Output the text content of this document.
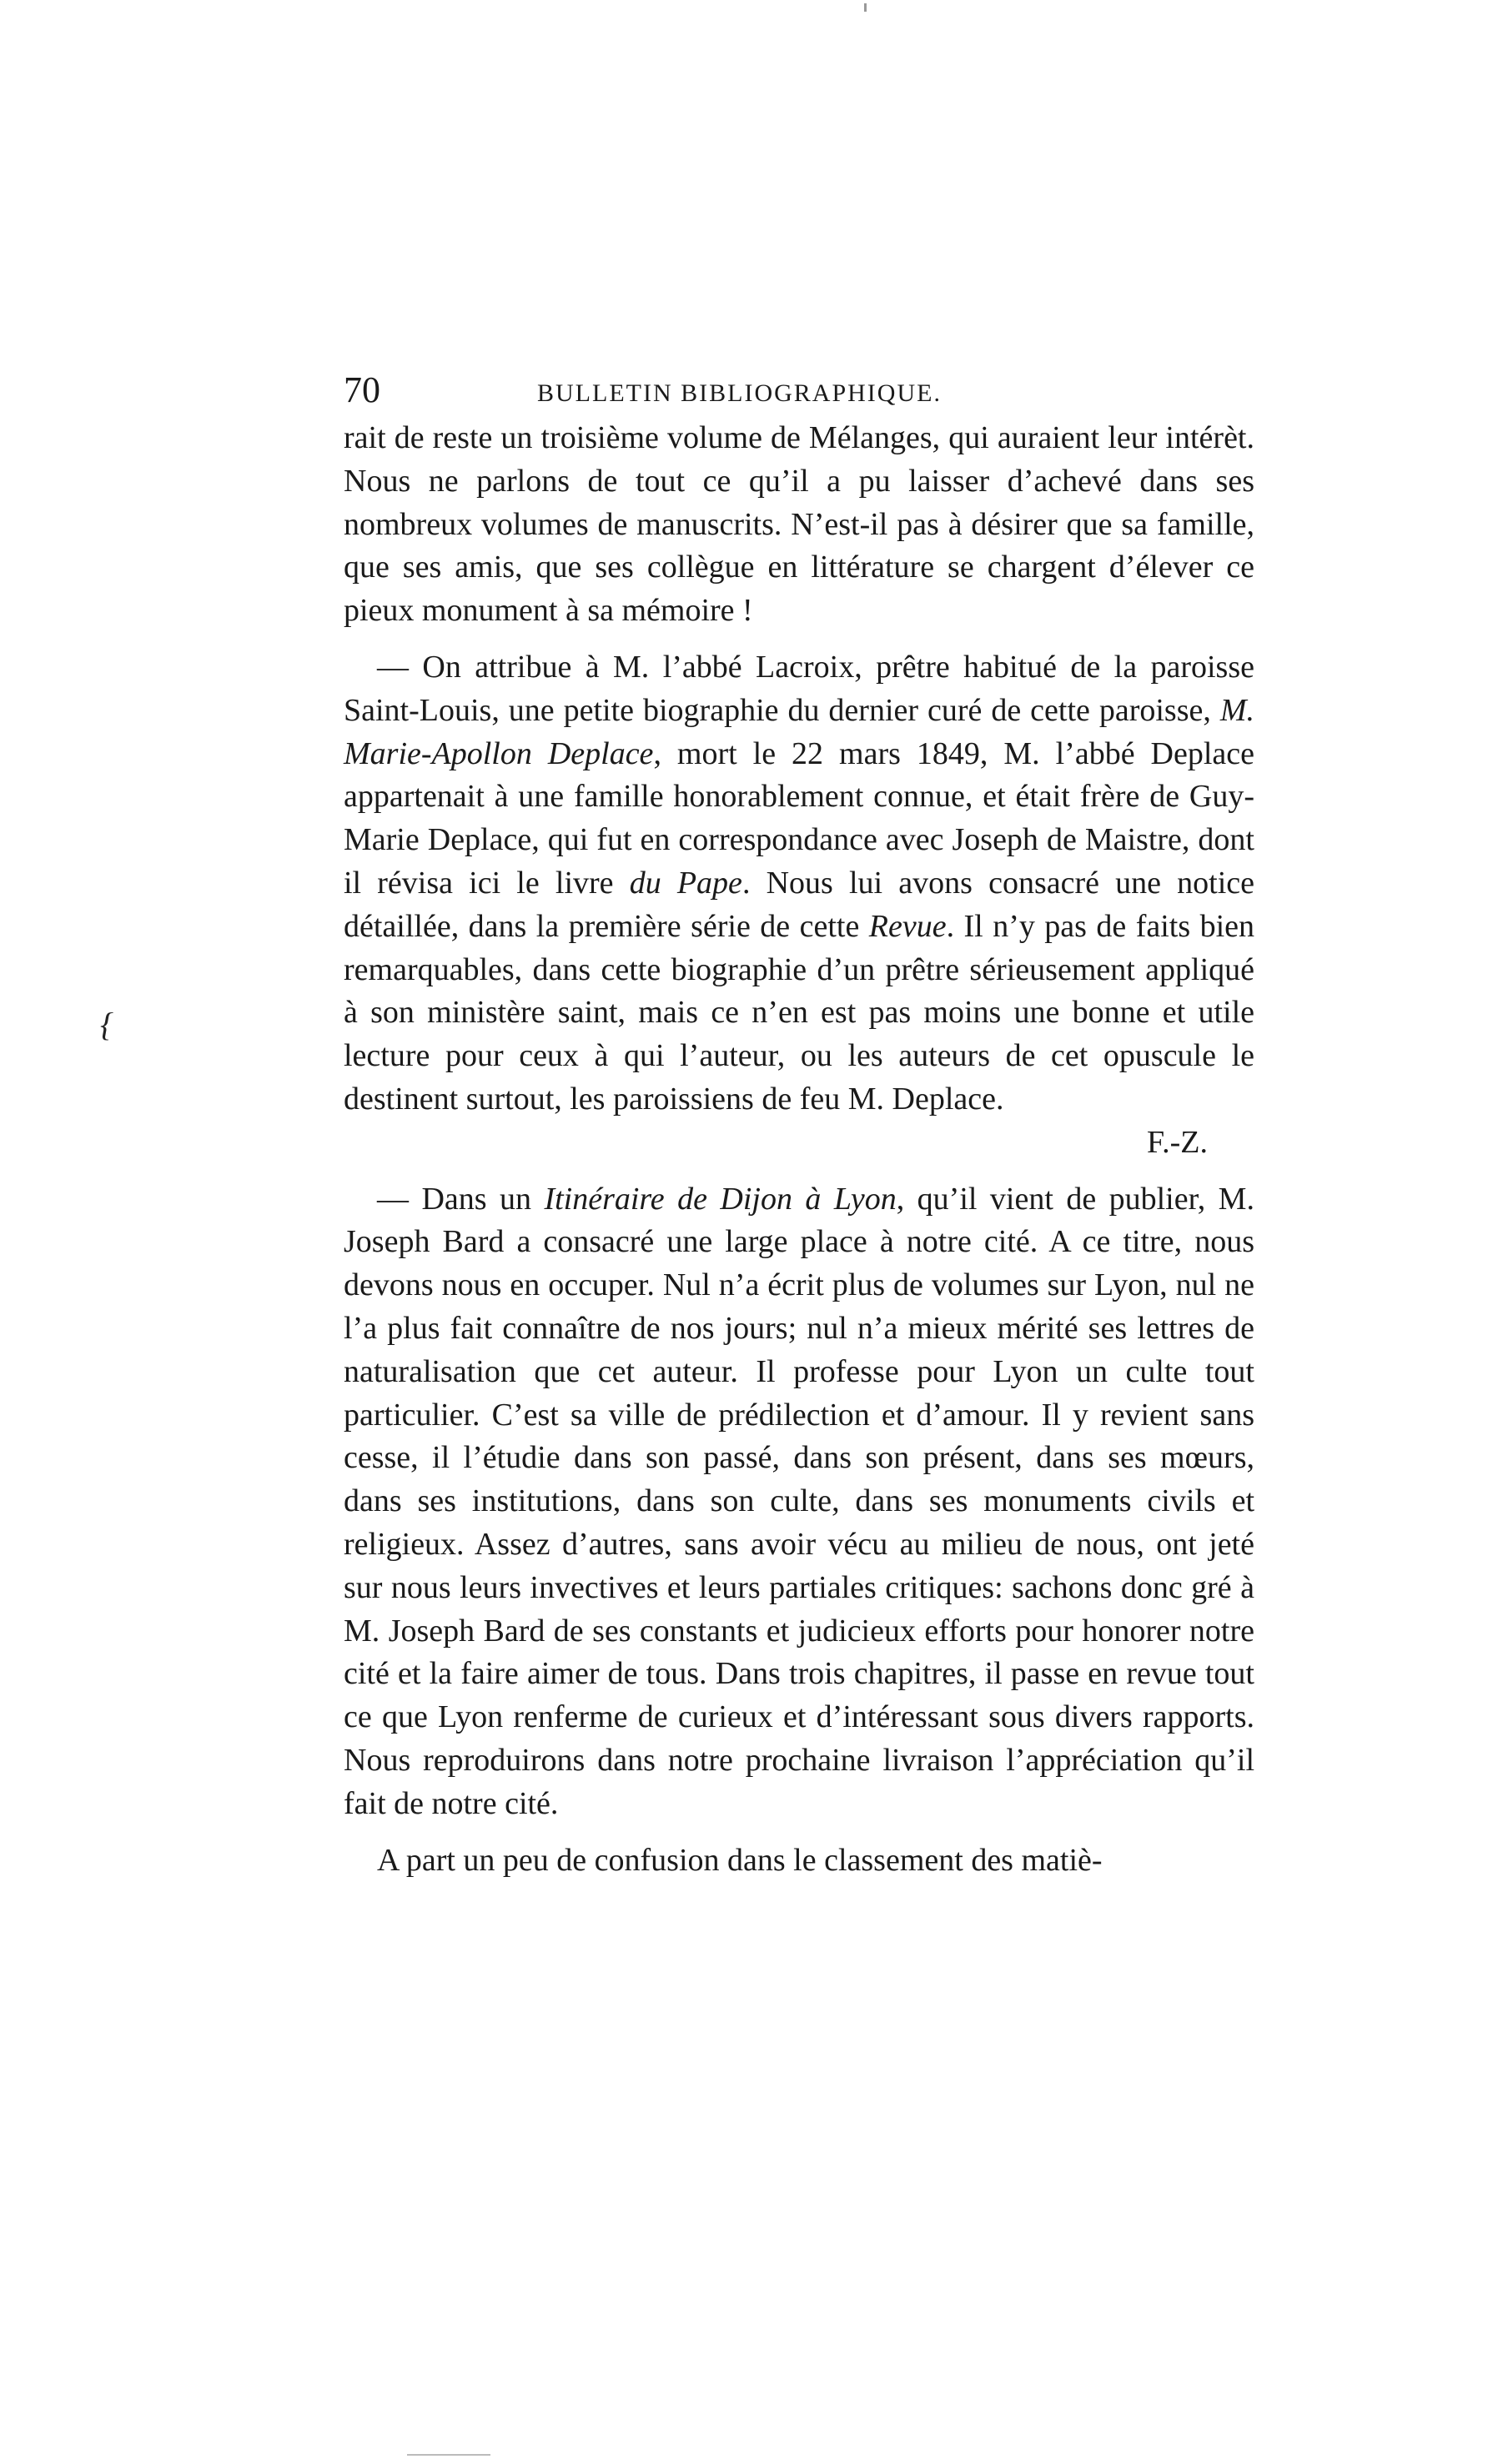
70	BULLETIN BIBLIOGRAPHIQUE.
{

rait de reste un troisième volume de Mélanges, qui auraient leur intérèt. Nous ne parlons de tout ce qu’il a pu laisser d’achevé dans ses nombreux volumes de manuscrits. N’est-il pas à désirer que sa famille, que ses amis, que ses collègue en littérature se chargent d’élever ce pieux monument à sa mémoire !

— On attribue à M. l’abbé Lacroix, prêtre habitué de la paroisse Saint-Louis, une petite biographie du dernier curé de cette paroisse, M. Marie-Apollon Deplace, mort le 22 mars 1849, M. l’abbé Deplace appartenait à une famille honorablement connue, et était frère de Guy-Marie Deplace, qui fut en correspondance avec Joseph de Maistre, dont il révisa ici le livre du Pape. Nous lui avons consacré une notice détaillée, dans la première série de cette Revue. Il n’y pas de faits bien remarquables, dans cette biographie d’un prêtre sérieusement appliqué à son ministère saint, mais ce n’en est pas moins une bonne et utile lecture pour ceux à qui l’auteur, ou les auteurs de cet opuscule le destinent surtout, les paroissiens de feu M. Deplace.

F.-Z.

— Dans un Itinéraire de Dijon à Lyon, qu’il vient de publier, M. Joseph Bard a consacré une large place à notre cité. A ce titre, nous devons nous en occuper. Nul n’a écrit plus de volumes sur Lyon, nul ne l’a plus fait connaître de nos jours; nul n’a mieux mérité ses lettres de naturalisation que cet auteur. Il professe pour Lyon un culte tout particulier. C’est sa ville de prédilection et d’amour. Il y revient sans cesse, il l’étudie dans son passé, dans son présent, dans ses mœurs, dans ses institutions, dans son culte, dans ses monuments civils et religieux. Assez d’autres, sans avoir vécu au milieu de nous, ont jeté sur nous leurs invectives et leurs partiales critiques: sachons donc gré à M. Joseph Bard de ses constants et judicieux efforts pour honorer notre cité et la faire aimer de tous. Dans trois chapitres, il passe en revue tout ce que Lyon renferme de curieux et d’intéressant sous divers rapports. Nous reproduirons dans notre prochaine livraison l’appréciation qu’il fait de notre cité.

A part un peu de confusion dans le classement des matiè-
